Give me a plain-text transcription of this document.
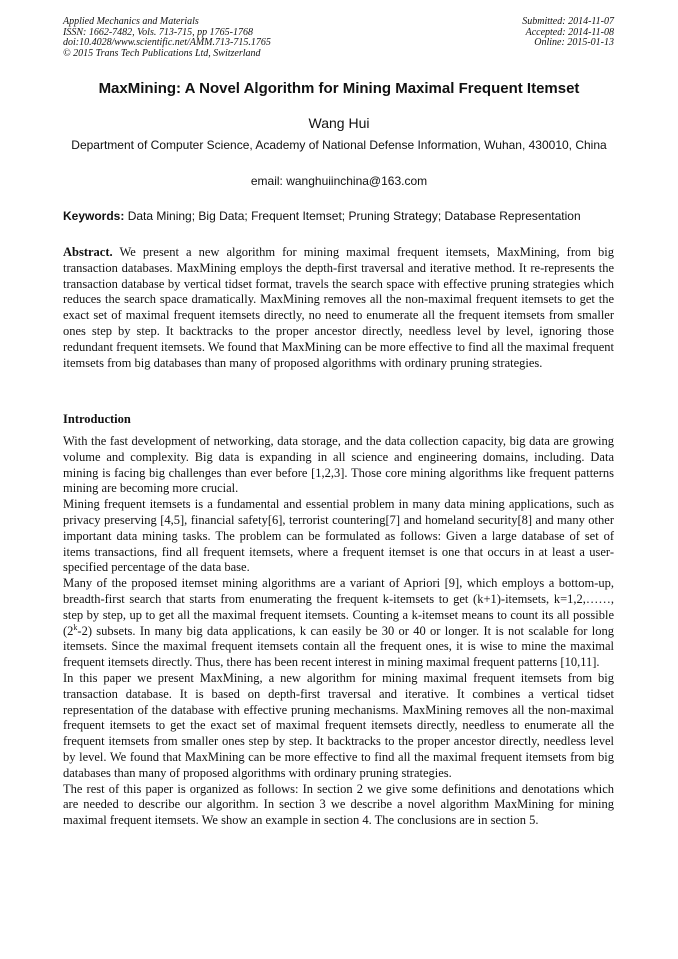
Applied Mechanics and Materials
ISSN: 1662-7482, Vols. 713-715, pp 1765-1768
doi:10.4028/www.scientific.net/AMM.713-715.1765
© 2015 Trans Tech Publications Ltd, Switzerland
Submitted: 2014-11-07
Accepted: 2014-11-08
Online: 2015-01-13
MaxMining: A Novel Algorithm for Mining Maximal Frequent Itemset
Wang Hui
Department of Computer Science, Academy of National Defense Information, Wuhan, 430010, China
email: wanghuiinchina@163.com
Keywords: Data Mining; Big Data; Frequent Itemset; Pruning Strategy; Database Representation
Abstract. We present a new algorithm for mining maximal frequent itemsets, MaxMining, from big transaction databases. MaxMining employs the depth-first traversal and iterative method. It re-represents the transaction database by vertical tidset format, travels the search space with effective pruning strategies which reduces the search space dramatically. MaxMining removes all the non-maximal frequent itemsets to get the exact set of maximal frequent itemsets directly, no need to enumerate all the frequent itemsets from smaller ones step by step. It backtracks to the proper ancestor directly, needless level by level, ignoring those redundant frequent itemsets. We found that MaxMining can be more effective to find all the maximal frequent itemsets from big databases than many of proposed algorithms with ordinary pruning strategies.
Introduction

With the fast development of networking, data storage, and the data collection capacity, big data are growing volume and complexity. Big data is expanding in all science and engineering domains, including. Data mining is facing big challenges than ever before [1,2,3]. Those core mining algorithms like frequent patterns mining are becoming more crucial.

Mining frequent itemsets is a fundamental and essential problem in many data mining applications, such as privacy preserving [4,5], financial safety[6], terrorist countering[7] and homeland security[8] and many other important data mining tasks. The problem can be formulated as follows: Given a large database of set of items transactions, find all frequent itemsets, where a frequent itemset is one that occurs in at least a user-specified percentage of the data base.

Many of the proposed itemset mining algorithms are a variant of Apriori [9], which employs a bottom-up, breadth-first search that starts from enumerating the frequent k-itemsets to get (k+1)-itemsets, k=1,2,……, step by step, up to get all the maximal frequent itemsets. Counting a k-itemset means to count its all possible (2$^k$-2) subsets. In many big data applications, k can easily be 30 or 40 or longer. It is not scalable for long itemsets. Since the maximal frequent itemsets contain all the frequent ones, it is wise to mine the maximal frequent itemsets directly. Thus, there has been recent interest in mining maximal frequent patterns [10,11].

In this paper we present MaxMining, a new algorithm for mining maximal frequent itemsets from big transaction database. It is based on depth-first traversal and iterative. It combines a vertical tidset representation of the database with effective pruning mechanisms. MaxMining removes all the non-maximal frequent itemsets to get the exact set of maximal frequent itemsets directly, needless to enumerate all the frequent itemsets from smaller ones step by step. It backtracks to the proper ancestor directly, needless level by level. We found that MaxMining can be more effective to find all the maximal frequent itemsets from big databases than many of proposed algorithms with ordinary pruning strategies.

The rest of this paper is organized as follows: In section 2 we give some definitions and denotations which are needed to describe our algorithm. In section 3 we describe a novel algorithm MaxMining for mining maximal frequent itemsets. We show an example in section 4. The conclusions are in section 5.
